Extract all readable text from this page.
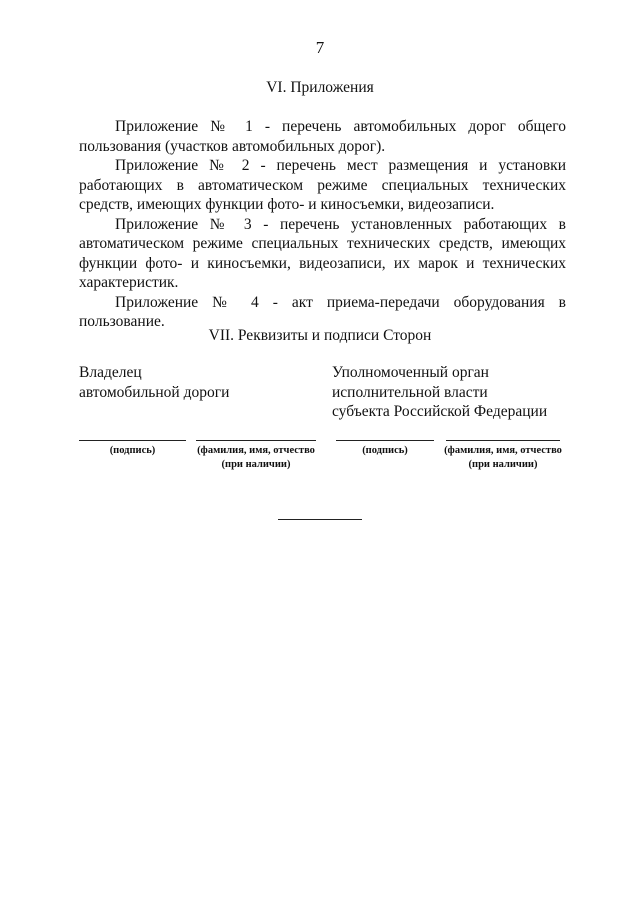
7
VI. Приложения

Приложение № 1 - перечень автомобильных дорог общего пользования (участков автомобильных дорог).

Приложение № 2 - перечень мест размещения и установки работающих в автоматическом режиме специальных технических средств, имеющих функции фото- и киносъемки, видеозаписи.

Приложение № 3 - перечень установленных работающих в автоматическом режиме специальных технических средств, имеющих функции фото- и киносъемки, видеозаписи, их марок и технических характеристик.

Приложение № 4 - акт приема-передачи оборудования в пользование.

VII. Реквизиты и подписи Сторон
Владелец
автомобильной дороги
Уполномоченный орган
исполнительной власти
субъекта Российской Федерации
(подпись)	(фамилия, имя, отчество
(при наличии)
(подпись)	(фамилия, имя, отчество
(при наличии)
